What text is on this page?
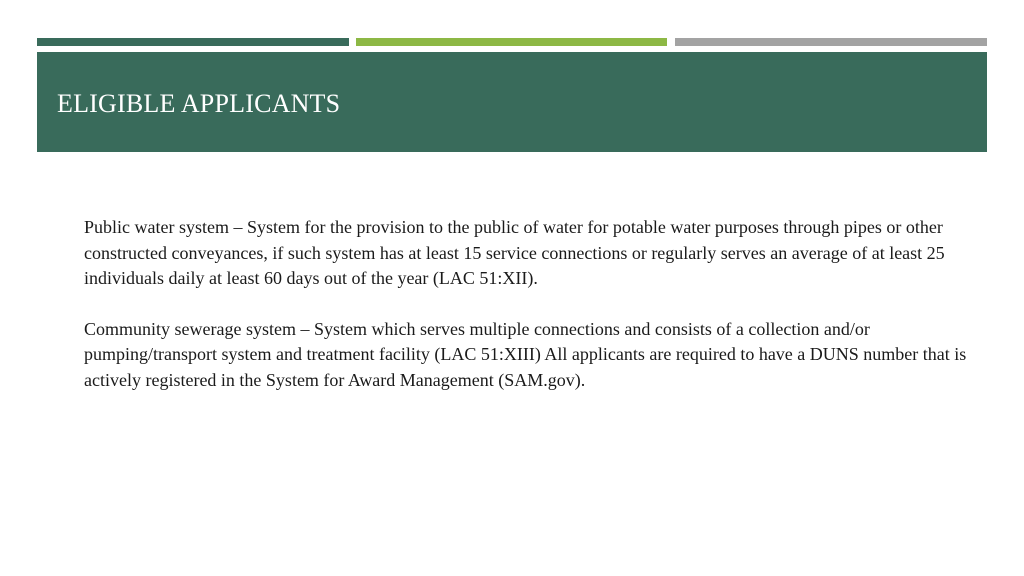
ELIGIBLE APPLICANTS

Public water system – System for the provision to the public of water for potable water purposes through pipes or other constructed conveyances, if such system has at least 15 service connections or regularly serves an average of at least 25 individuals daily at least 60 days out of the year (LAC 51:XII).

Community sewerage system – System which serves multiple connections and consists of a collection and/or pumping/transport system and treatment facility (LAC 51:XIII) All applicants are required to have a DUNS number that is actively registered in the System for Award Management (SAM.gov).
